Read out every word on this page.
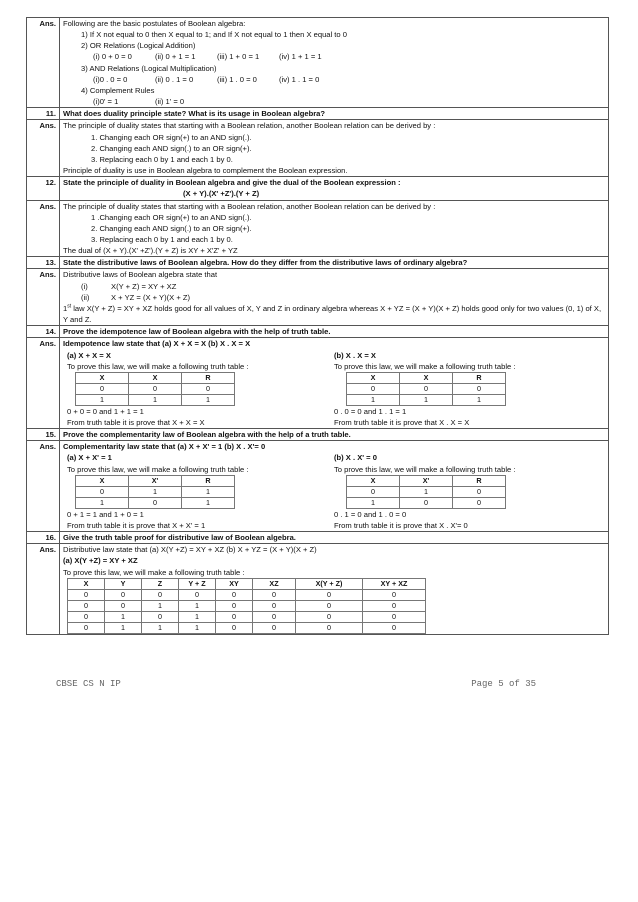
Ans.	Following are the basic postulates of Boolean algebra:
1) If X not equal to 0 then X equal to 1; and If X not equal to 1 then X equal to 0
2) OR Relations (Logical Addition)
(i) 0 + 0 = 0	(ii) 0 + 1 = 1	(iii) 1 + 0 = 1	(iv) 1 + 1 = 1
3) AND Relations (Logical Multiplication)
(i)0 . 0 = 0	(ii) 0 . 1 = 0	(iii) 1 . 0 = 0	(iv) 1 . 1 = 0
4) Complement Rules
(i)0' = 1	(ii) 1' = 0

11.	What does duality principle state? What is its usage in Boolean algebra?
Ans.	The principle of duality states that starting with a Boolean relation, another Boolean relation can be derived by :
1. Changing each OR sign(+) to an AND sign(.).
2. Changing each AND sign(.) to an OR sign(+).
3. Replacing each 0 by 1 and each 1 by 0.
Principle of duality is use in Boolean algebra to complement the Boolean expression.

12.	State the principle of duality in Boolean algebra and give the dual of the Boolean expression :
(X + Y).(X' +Z').(Y + Z)

Ans.	The principle of duality states that starting with a Boolean relation, another Boolean relation can be derived by :
1 .Changing each OR sign(+) to an AND sign(.).
2. Changing each AND sign(.) to an OR sign(+).
3. Replacing each 0 by 1 and each 1 by 0.
The dual of (X + Y).(X' +Z').(Y + Z) is XY + X'Z' + YZ

13.	State the distributive laws of Boolean algebra. How do they differ from the distributive laws of ordinary algebra?
Ans.	Distributive laws of Boolean algebra state that
(i)	X(Y + Z) = XY + XZ
(ii)	X + YZ = (X + Y)(X + Z)
1st law X(Y + Z) = XY + XZ holds good for all values of X, Y and Z in ordinary algebra whereas X + YZ = (X + Y)(X + Z) holds good only for two values (0, 1) of X, Y and Z.

14.	Prove the idempotence law of Boolean algebra with the help of truth table.
Ans.	Idempotence law state that (a) X + X = X (b) X . X = X
(a) X + X = X
To prove this law, we will make a following truth table :
X	X	R
0	0	0
1	1	1
0 + 0 = 0 and 1 + 1 = 1
From truth table it is prove that X + X = X
(b) X . X = X
To prove this law, we will make a following truth table :
X	X	R
0	0	0
1	1	1
0 . 0 = 0 and 1 . 1 = 1
From truth table it is prove that X . X = X

15.	Prove the complementarity law of Boolean algebra with the help of a truth table.
Ans.	Complementarity law state that (a) X + X' = 1 (b) X . X'= 0
(a) X + X' = 1
To prove this law, we will make a following truth table :
X	X'	R
0	1	1
1	0	1
0 + 1 = 1 and 1 + 0 = 1
From truth table it is prove that X + X' = 1
(b) X . X' = 0
To prove this law, we will make a following truth table :
X	X'	R
0	1	0
1	0	0
0 . 1 = 0 and 1 . 0 = 0
From truth table it is prove that X . X'= 0

16.	Give the truth table proof for distributive law of Boolean algebra.
Ans.	Distributive law state that (a) X(Y +Z) = XY + XZ (b) X + YZ = (X + Y)(X + Z)
(a) X(Y +Z) = XY + XZ
To prove this law, we will make a following truth table :
X	Y	Z	Y + Z	XY	XZ	X(Y + Z)	XY + XZ
0	0	0	0	0	0	0	0
0	0	1	1	0	0	0	0
0	1	0	1	0	0	0	0
0	1	1	1	0	0	0	0
CBSE CS N IP	Page 5 of 35
